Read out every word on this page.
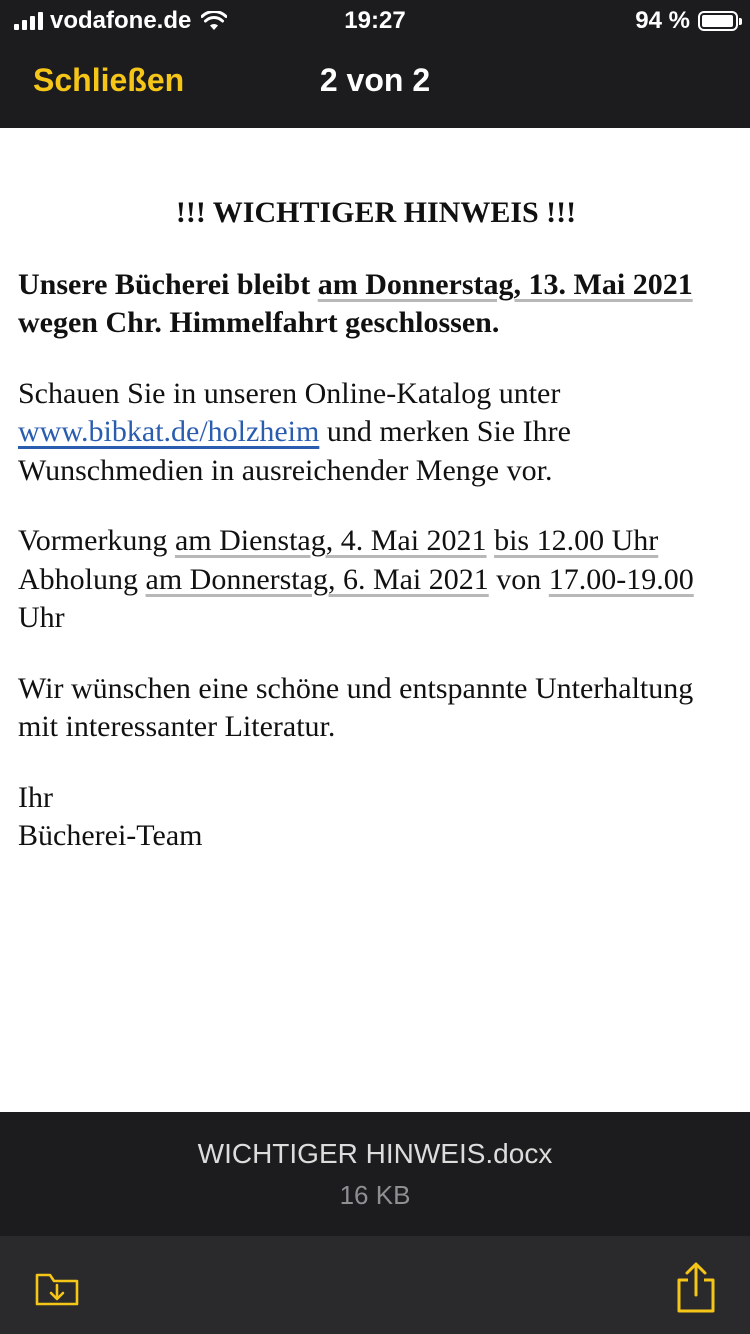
vodafone.de	19:27	94 %
Schließen	2 von 2
!!! WICHTIGER HINWEIS !!!

Unsere Bücherei bleibt am Donnerstag, 13. Mai 2021 wegen Chr. Himmelfahrt geschlossen.

Schauen Sie in unseren Online-Katalog unter www.bibkat.de/holzheim und merken Sie Ihre Wunschmedien in ausreichender Menge vor.

Vormerkung am Dienstag, 4. Mai 2021 bis 12.00 Uhr
Abholung am Donnerstag, 6. Mai 2021 von 17.00-19.00 Uhr

Wir wünschen eine schöne und entspannte Unterhaltung mit interessanter Literatur.

Ihr
Bücherei-Team

WICHTIGER HINWEIS.docx
16 KB
